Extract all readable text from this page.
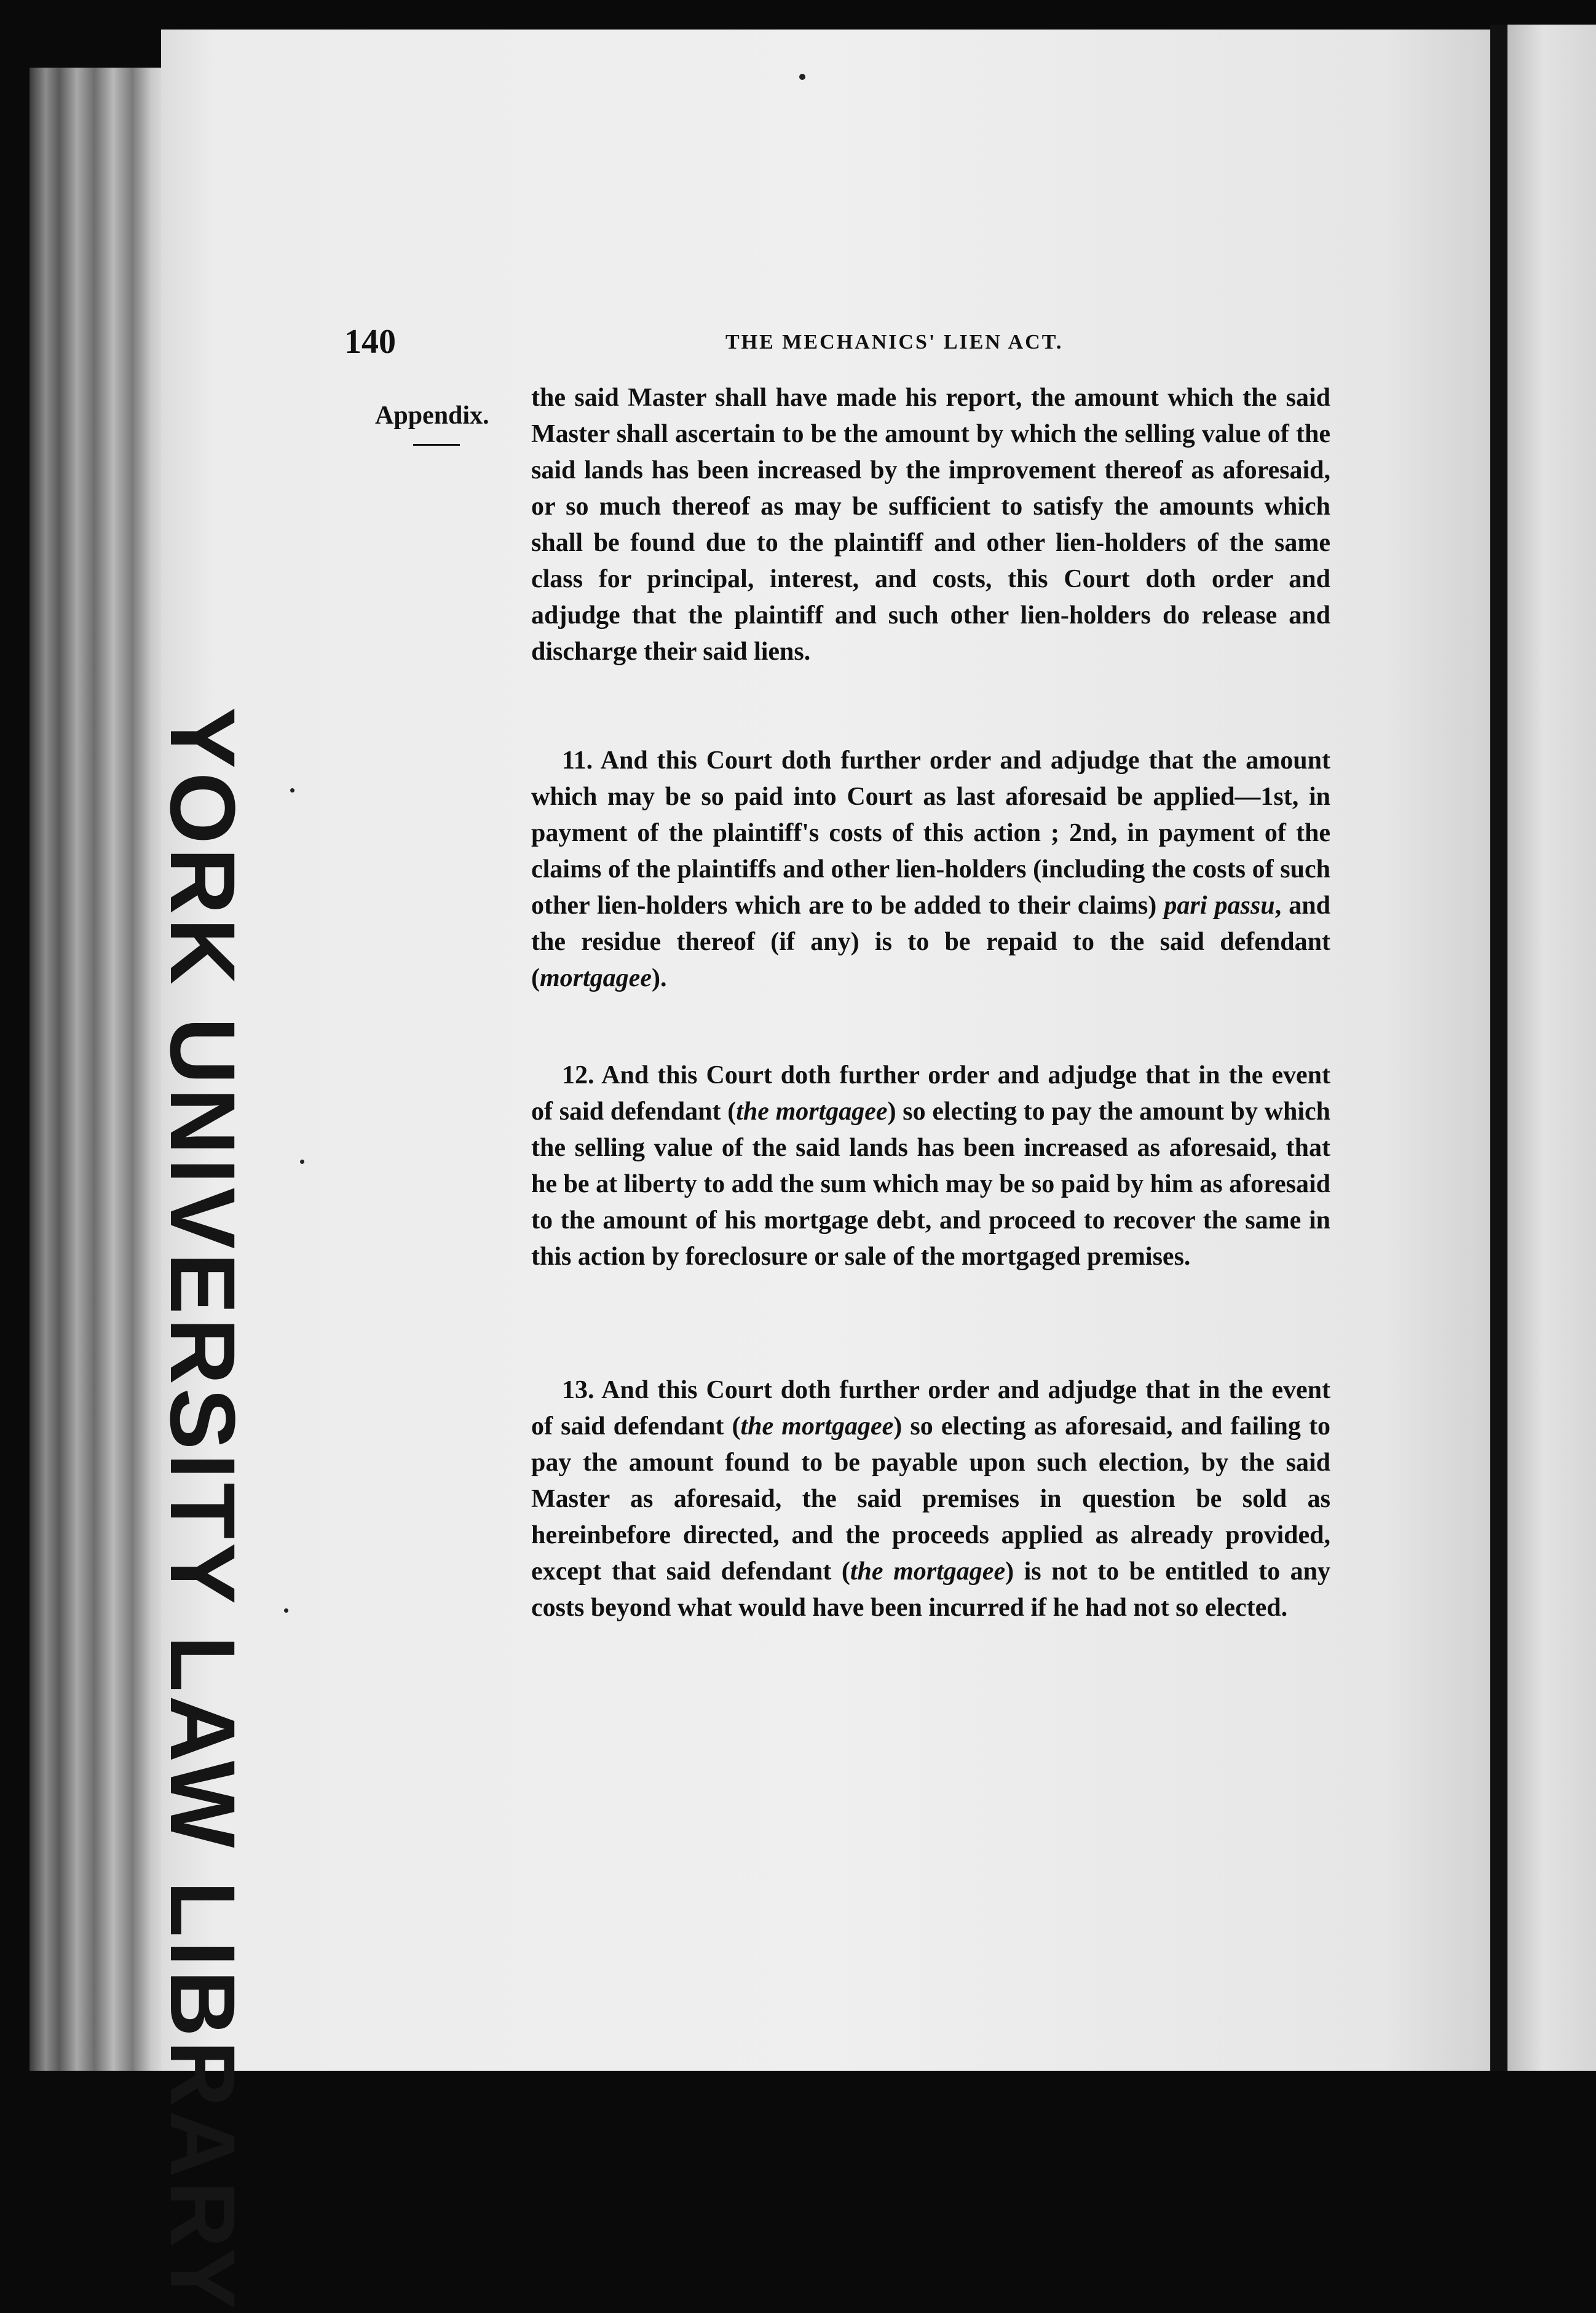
YORK UNIVERSITY LIBRARY
140	THE MECHANICS' LIEN ACT.
Appendix.
the said Master shall have made his report, the amount which the said Master shall ascertain to be the amount by which the selling value of the said lands has been increased by the improvement thereof as aforesaid, or so much thereof as may be sufficient to satisfy the amounts which shall be found due to the plaintiff and other lien-holders of the same class for principal, interest, and costs, this Court doth order and adjudge that the plaintiff and such other lien-holders do release and discharge their said liens.
11. And this Court doth further order and adjudge that the amount which may be so paid into Court as last aforesaid be applied—1st, in payment of the plaintiff's costs of this action ; 2nd, in payment of the claims of the plaintiffs and other lien-holders (including the costs of such other lien-holders which are to be added to their claims) pari passu, and the residue thereof (if any) is to be repaid to the said defendant (mortgagee).
12. And this Court doth further order and adjudge that in the event of said defendant (the mortgagee) so electing to pay the amount by which the selling value of the said lands has been increased as aforesaid, that he be at liberty to add the sum which may be so paid by him as aforesaid to the amount of his mortgage debt, and proceed to recover the same in this action by foreclosure or sale of the mortgaged premises.
13. And this Court doth further order and adjudge that in the event of said defendant (the mortgagee) so electing as aforesaid, and failing to pay the amount found to be payable upon such election, by the said Master as aforesaid, the said premises in question be sold as hereinbefore directed, and the proceeds applied as already provided, except that said defendant (the mortgagee) is not to be entitled to any costs beyond what would have been incurred if he had not so elected.
